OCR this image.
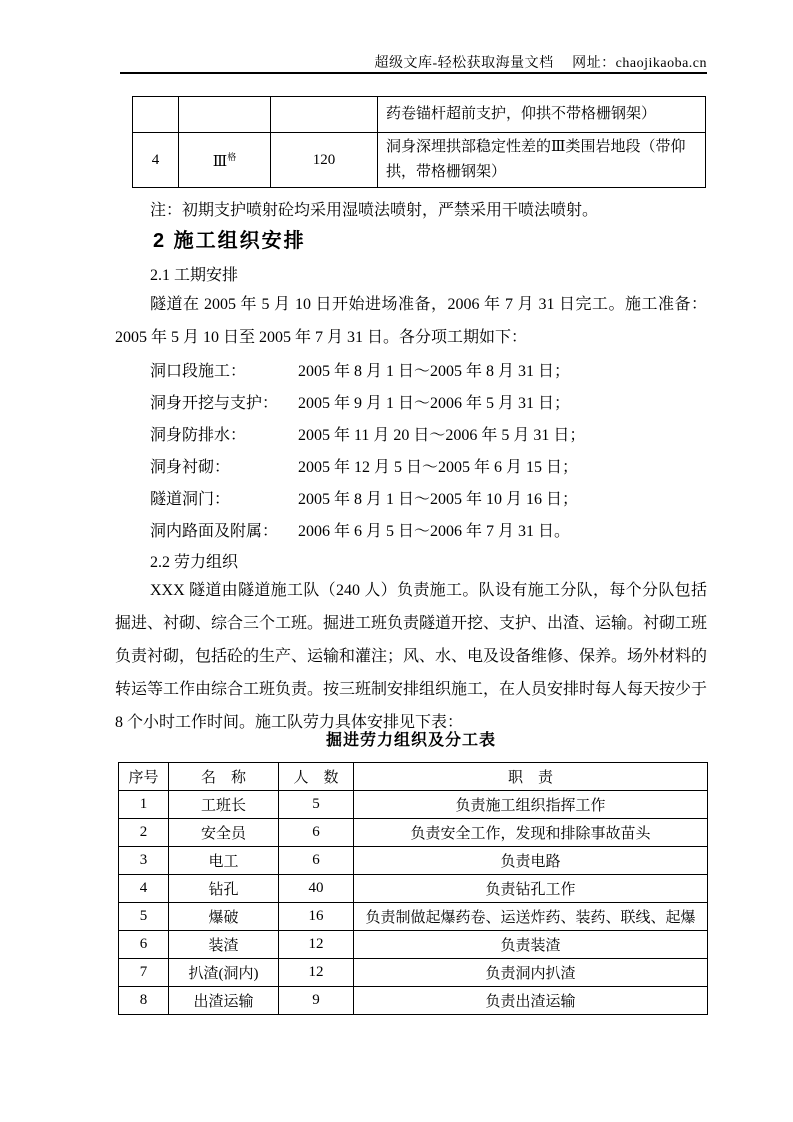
超级文库-轻松获取海量文档　 网址：chaojikaoba.cn
			药卷锚杆超前支护，仰拱不带格栅钢架）
4	Ⅲ$^格$	120	洞身深埋拱部稳定性差的Ⅲ类围岩地段（带仰拱，带格栅钢架）
注：初期支护喷射砼均采用湿喷法喷射，严禁采用干喷法喷射。
2 施工组织安排
2.1 工期安排
隧道在 2005 年 5 月 10 日开始进场准备，2006 年 7 月 31 日完工。施工准备：2005 年 5 月 10 日至 2005 年 7 月 31 日。各分项工期如下：
洞口段施工：	2005 年 8 月 1 日～2005 年 8 月 31 日；
洞身开挖与支护： 2005 年 9 月 1 日～2006 年 5 月 31 日；
洞身防排水：	2005 年 11 月 20 日～2006 年 5 月 31 日；
洞身衬砌：	2005 年 12 月 5 日～2005 年 6 月 15 日；
隧道洞门：	2005 年 8 月 1 日～2005 年 10 月 16 日；
洞内路面及附属： 2006 年 6 月 5 日～2006 年 7 月 31 日。
2.2 劳力组织
XXX 隧道由隧道施工队（240 人）负责施工。队设有施工分队，每个分队包括掘进、衬砌、综合三个工班。掘进工班负责隧道开挖、支护、出渣、运输。衬砌工班负责衬砌，包括砼的生产、运输和灌注；风、水、电及设备维修、保养。场外材料的转运等工作由综合工班负责。按三班制安排组织施工，在人员安排时每人每天按少于 8 个小时工作时间。施工队劳力具体安排见下表：
掘进劳力组织及分工表
序号	名　称	人　数	职　责
1	工班长	5	负责施工组织指挥工作
2	安全员	6	负责安全工作，发现和排除事故苗头
3	电工	6	负责电路
4	钻孔	40	负责钻孔工作
5	爆破	16	负责制做起爆药卷、运送炸药、装药、联线、起爆
6	装渣	12	负责装渣
7	扒渣(洞内)	12	负责洞内扒渣
8	出渣运输	9	负责出渣运输
